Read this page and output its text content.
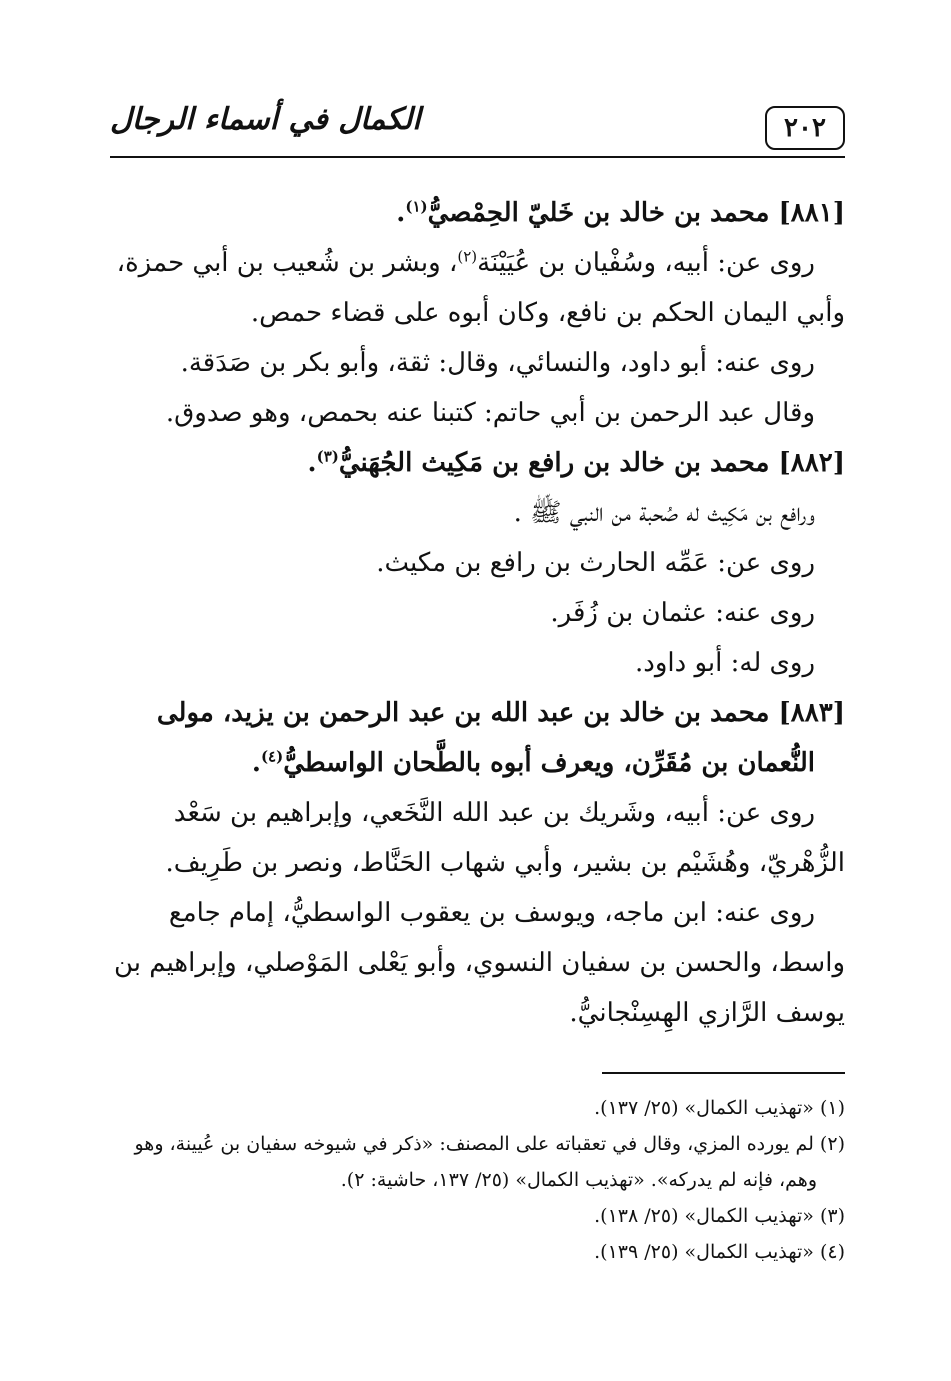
الكمال في أسماء الرجال	٢٠٢
[٨٨١] محمد بن خالد بن خَليّ الحِمْصيُّ$^{(١)}$.
روى عن: أبيه، وسُفْيان بن عُيَيْنَة$^{(٢)}$، وبشر بن شُعيب بن أبي حمزة،
وأبي اليمان الحكم بن نافع، وكان أبوه على قضاء حمص.
روى عنه: أبو داود، والنسائي، وقال: ثقة، وأبو بكر بن صَدَقة.
وقال عبد الرحمن بن أبي حاتم: كتبنا عنه بحمص، وهو صدوق.
[٨٨٢] محمد بن خالد بن رافع بن مَكِيث الجُهَنيُّ$^{(٣)}$.
ورافع بن مَكِيث له صُحبة من النبي ﷺ .
روى عن: عَمِّه الحارث بن رافع بن مكيث.
روى عنه: عثمان بن زُفَر.
روى له: أبو داود.
[٨٨٣] محمد بن خالد بن عبد الله بن عبد الرحمن بن يزيد، مولى
النُّعمان بن مُقَرِّن، ويعرف أبوه بالطَّحان الواسطيُّ$^{(٤)}$.
روى عن: أبيه، وشَريك بن عبد الله النَّخَعي، وإبراهيم بن سَعْد
الزُّهْريّ، وهُشَيْم بن بشير، وأبي شهاب الحَنَّاط، ونصر بن طَرِيف.
روى عنه: ابن ماجه، ويوسف بن يعقوب الواسطيُّ، إمام جامع
واسط، والحسن بن سفيان النسوي، وأبو يَعْلى المَوْصلي، وإبراهيم بن
يوسف الرَّازي الهِسِنْجانيُّ.
(١) «تهذيب الكمال» (٢٥/ ١٣٧).
(٢) لم يورده المزي، وقال في تعقباته على المصنف: «ذكر في شيوخه سفيان بن عُيينة، وهو
وهم، فإنه لم يدركه». «تهذيب الكمال» (٢٥/ ١٣٧، حاشية: ٢).
(٣) «تهذيب الكمال» (٢٥/ ١٣٨).
(٤) «تهذيب الكمال» (٢٥/ ١٣٩).
